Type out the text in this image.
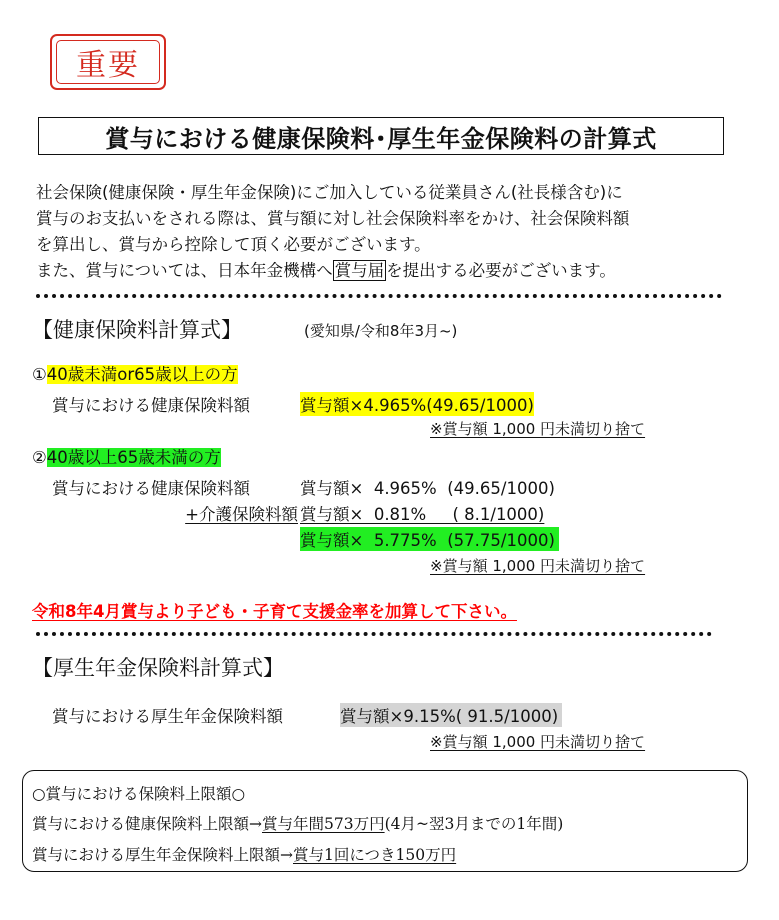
重要
賞与における健康保険料･厚生年金保険料の計算式
社会保険(健康保険・厚生年金保険)にご加入している従業員さん(社長様含む)に
賞与のお支払いをされる際は、賞与額に対し社会保険料率をかけ、社会保険料額
を算出し、賞与から控除して頂く必要がございます。
また、賞与については、日本年金機構へ 賞与届 を提出する必要がございます。
【健康保険料計算式】	(愛知県/令和8年3月~)
①40歳未満or65歳以上の方
賞与における健康保険料額	賞与額×4.965%(49.65/1000)
※賞与額 1,000 円未満切り捨て
②40歳以上65歳未満の方
賞与における健康保険料額	賞与額×  4.965%  (49.65/1000)
+介護保険料額 賞与額×  0.81%     ( 8.1/1000)
賞与額×  5.775%  (57.75/1000)
※賞与額 1,000 円未満切り捨て
令和8年4月賞与より子ども・子育て支援金率を加算して下さい。
【厚生年金保険料計算式】
賞与における厚生年金保険料額	賞与額×9.15%( 91.5/1000)
※賞与額 1,000 円未満切り捨て
○賞与における保険料上限額○
賞与における健康保険料上限額→賞与年間573万円(4月~翌3月までの1年間)
賞与における厚生年金保険料上限額→賞与1回につき150万円
